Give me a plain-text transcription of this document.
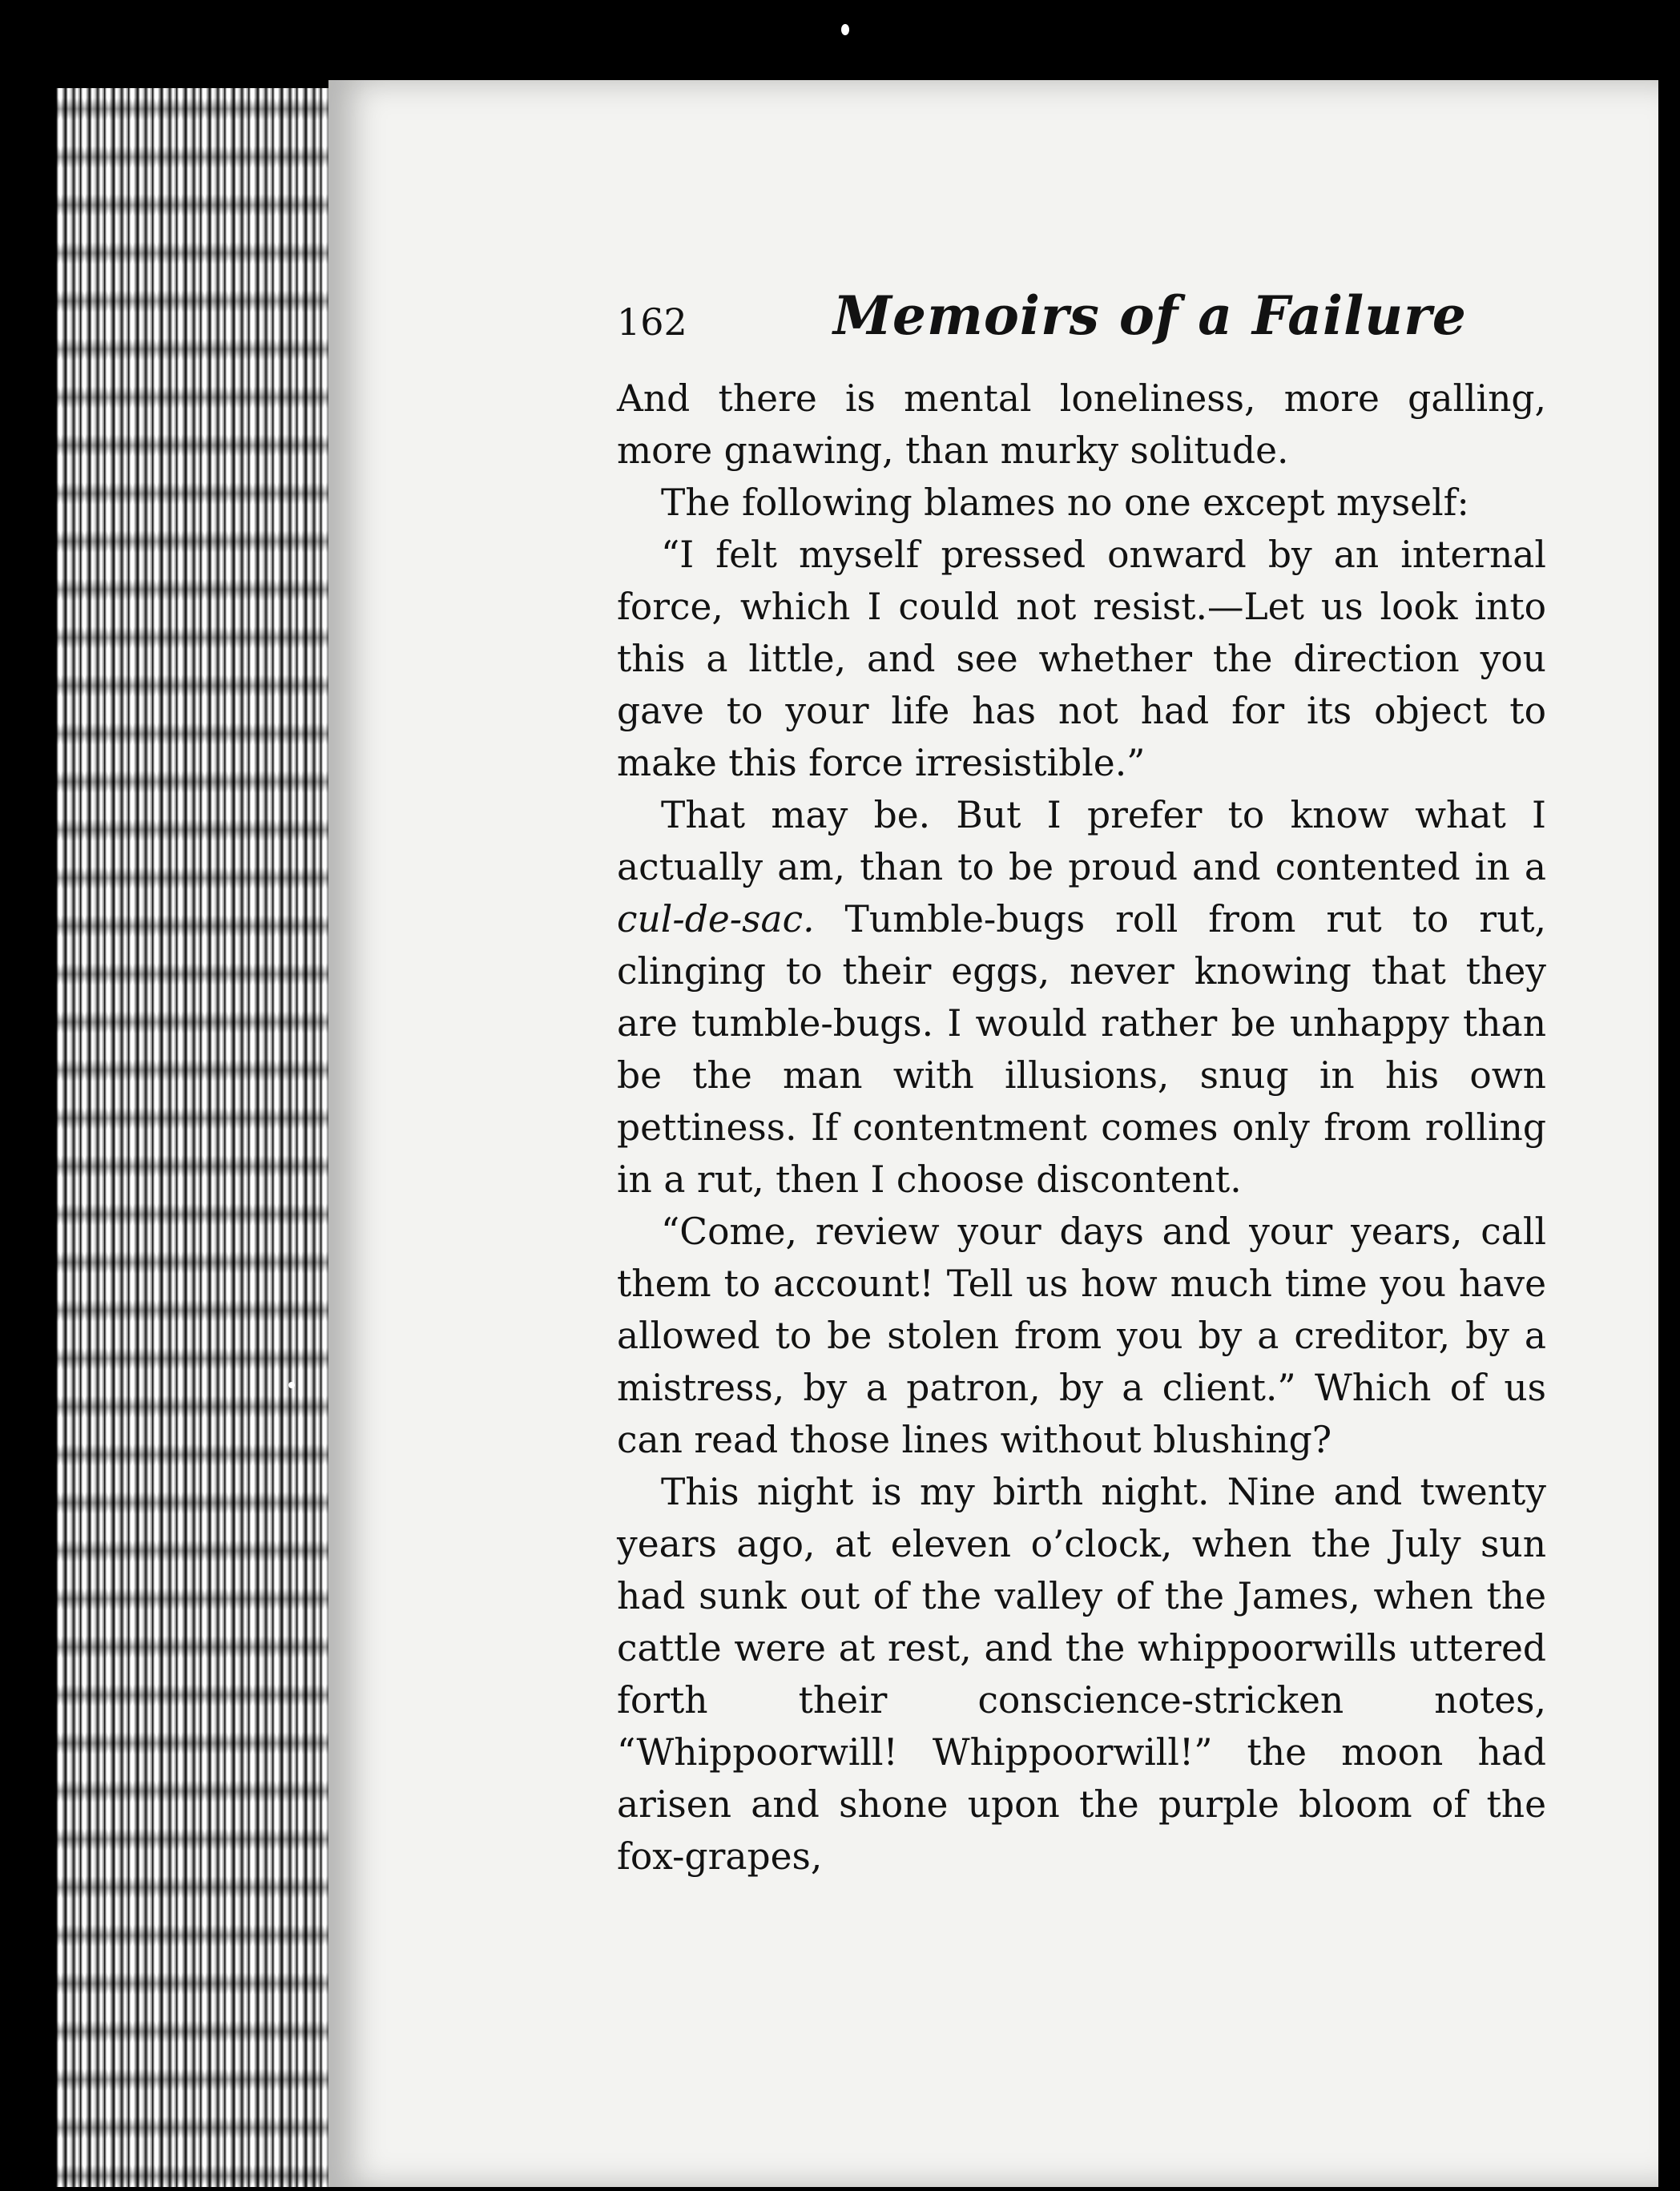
162	Memoirs of a Failure

And there is mental loneliness, more galling, more gnawing, than murky solitude.

The following blames no one except myself:

“I felt myself pressed onward by an internal force, which I could not resist.—Let us look into this a little, and see whether the direction you gave to your life has not had for its object to make this force irresistible.”

That may be. But I prefer to know what I actually am, than to be proud and contented in a cul-de-sac. Tumble-bugs roll from rut to rut, clinging to their eggs, never knowing that they are tumble-bugs. I would rather be unhappy than be the man with illusions, snug in his own pettiness. If contentment comes only from rolling in a rut, then I choose discontent.

“Come, review your days and your years, call them to account! Tell us how much time you have allowed to be stolen from you by a creditor, by a mistress, by a patron, by a client.” Which of us can read those lines without blushing?

This night is my birth night. Nine and twenty years ago, at eleven o’clock, when the July sun had sunk out of the valley of the James, when the cattle were at rest, and the whippoorwills uttered forth their conscience-stricken notes, “Whippoorwill! Whippoorwill!” the moon had arisen and shone upon the purple bloom of the fox-grapes,
